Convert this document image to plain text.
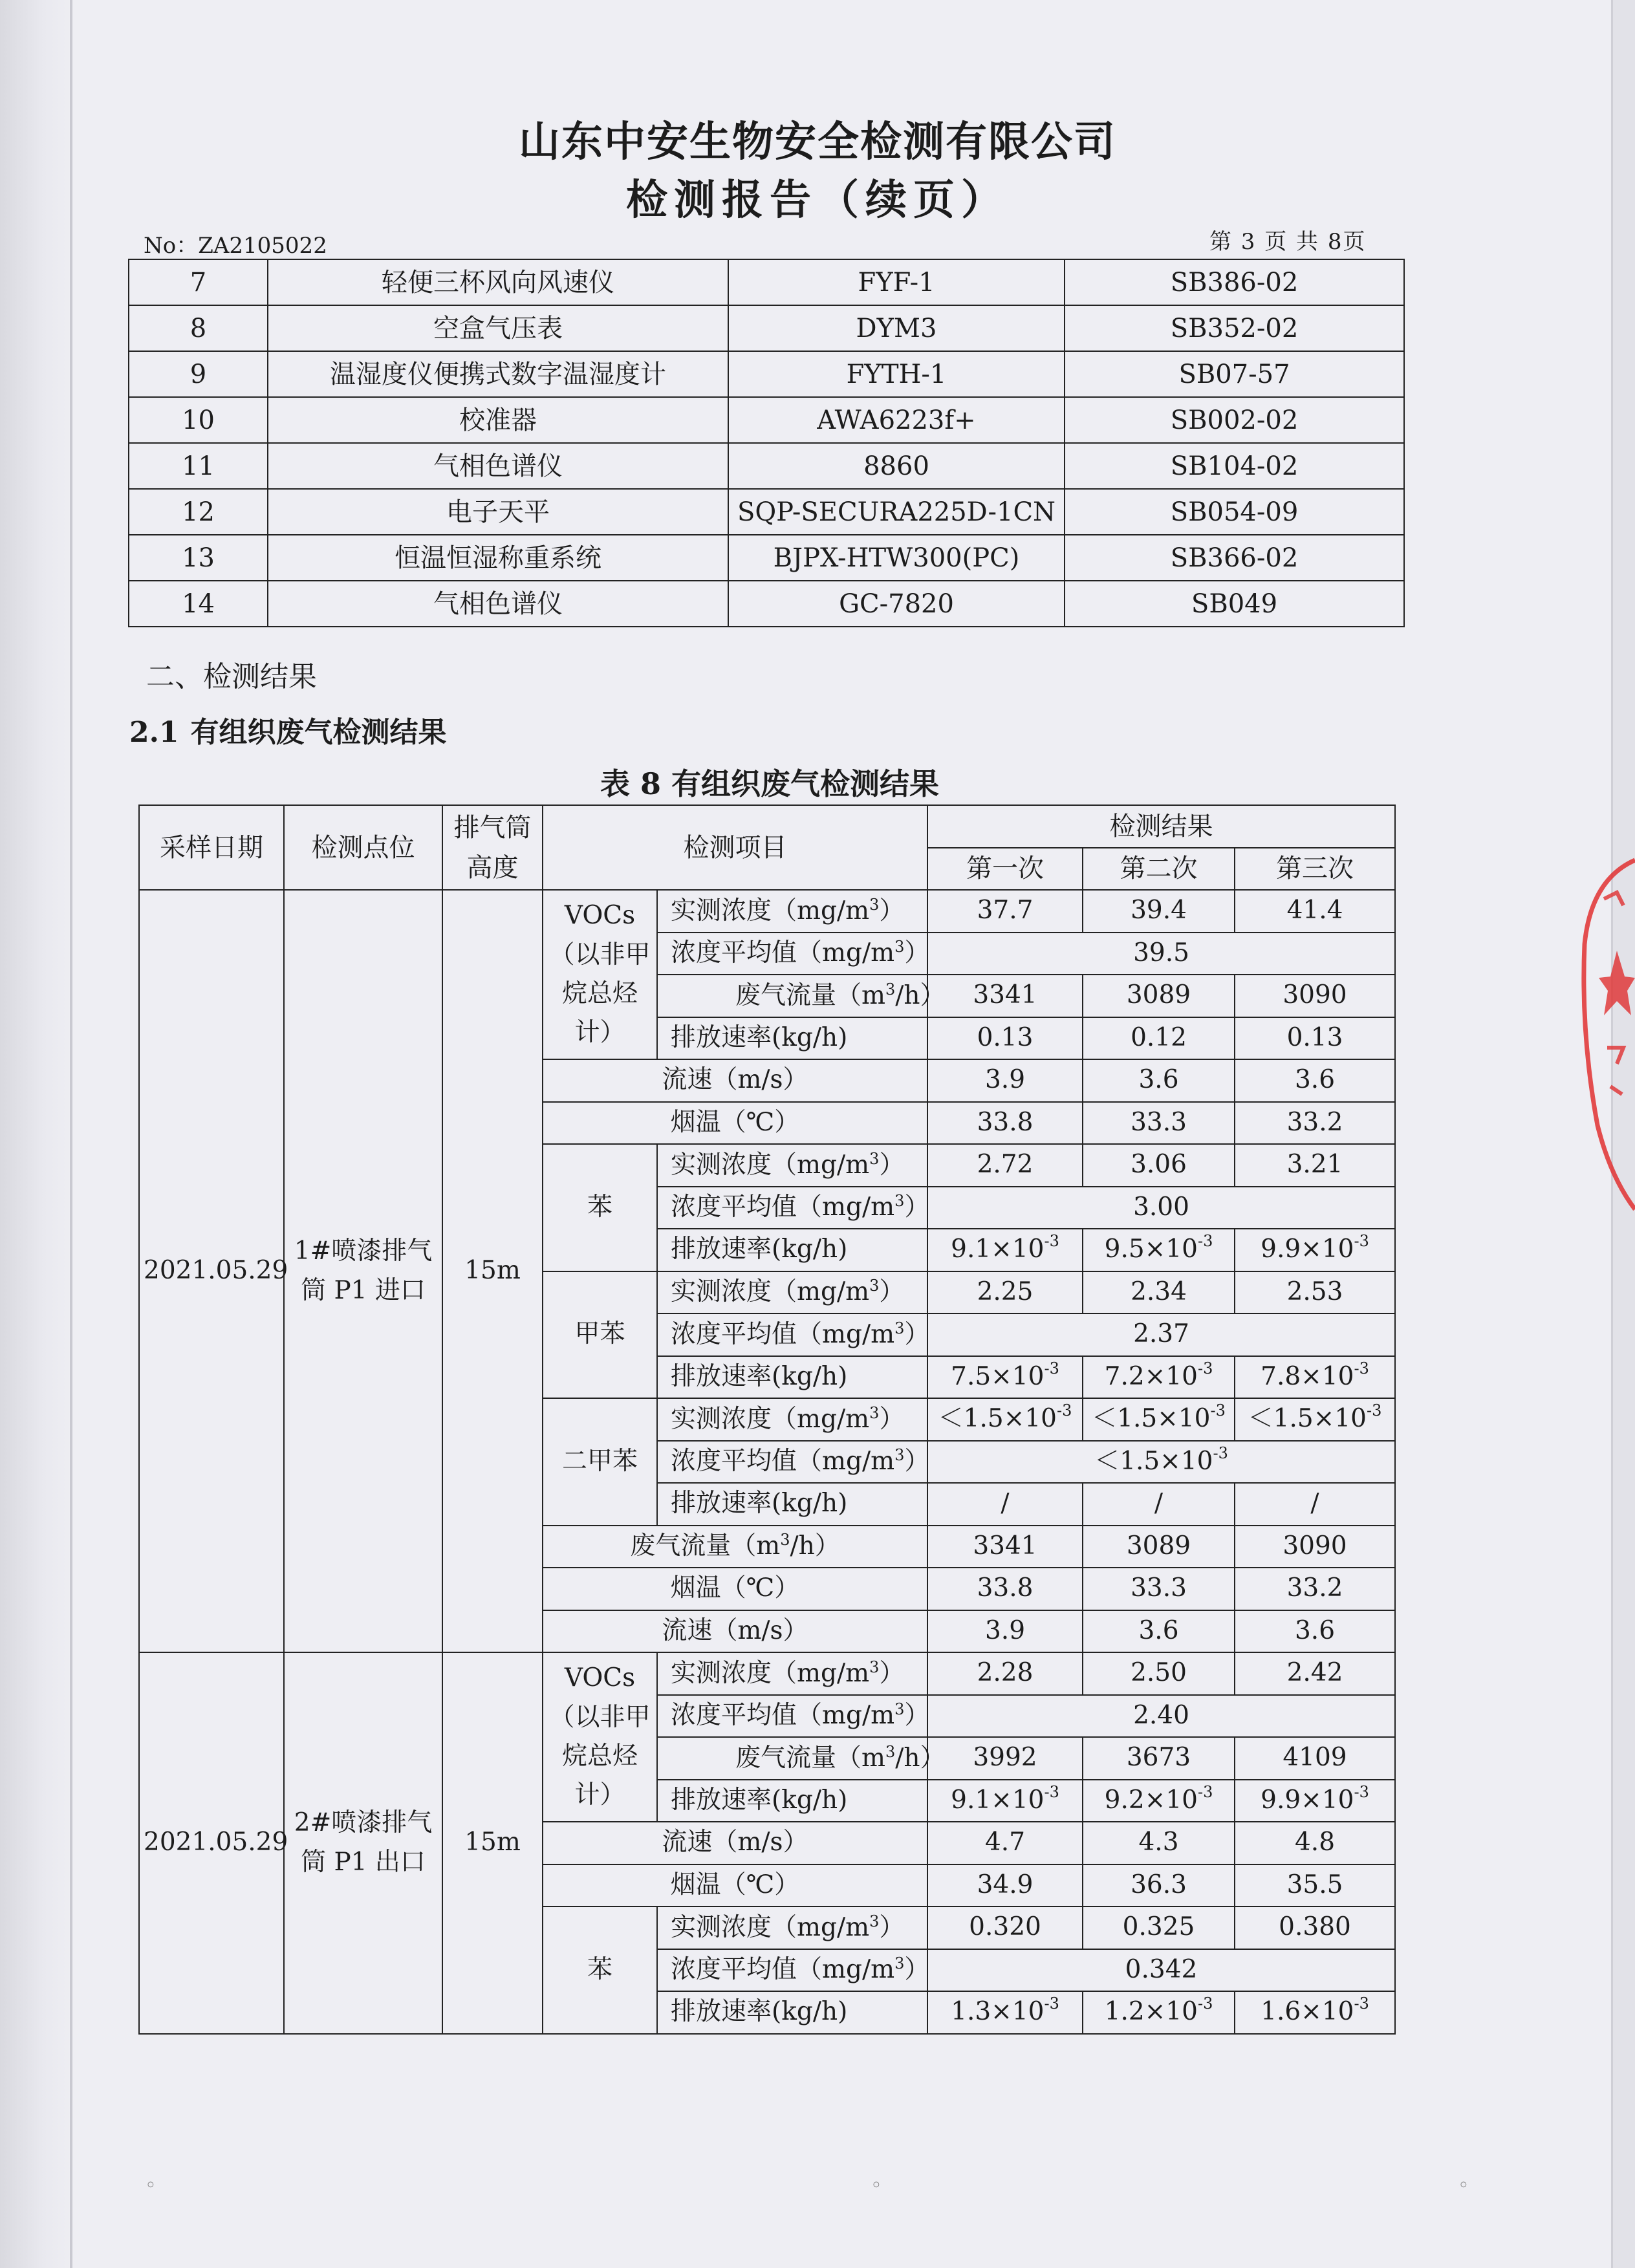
山东中安生物安全检测有限公司
检测报告（续页）
No：ZA2105022	第 3 页 共 8页
7	轻便三杯风向风速仪	FYF-1	SB386-02
8	空盒气压表	DYM3	SB352-02
9	温湿度仪便携式数字温湿度计	FYTH-1	SB07-57
10	校准器	AWA6223f+	SB002-02
11	气相色谱仪	8860	SB104-02
12	电子天平	SQP-SECURA225D-1CN	SB054-09
13	恒温恒湿称重系统	BJPX-HTW300(PC)	SB366-02
14	气相色谱仪	GC-7820	SB049
二、检测结果
2.1 有组织废气检测结果
表 8 有组织废气检测结果
采样日期	检测点位	排气筒高度	检测项目		检测结果		
					第一次	第二次	第三次
2021.05.29	1#喷漆排气筒 P1 进口	15m	VOCs（以非甲烷总烃计）	实测浓度$(mg/m^3)$	37.7	39.4	41.4
				浓度平均值$(mg/m^3)$	39.5		
				废气流量$(m^3/h)$	3341	3089	3090
				排放速率(kg/h)	0.13	0.12	0.13
			流速（m/s）		3.9	3.6	3.6
			烟温（℃）		33.8	33.3	33.2
			苯	实测浓度$(mg/m^3)$	2.72	3.06	3.21
				浓度平均值$(mg/m^3)$	3.00		
				排放速率(kg/h)	$9.1\times 10^{-3}$	$9.5\times 10^{-3}$	$9.9\times 10^{-3}$
			甲苯	实测浓度$(mg/m^3)$	2.25	2.34	2.53
				浓度平均值$(mg/m^3)$	2.37		
				排放速率(kg/h)	$7.5\times 10^{-3}$	$7.2\times 10^{-3}$	$7.8\times 10^{-3}$
			二甲苯	实测浓度$(mg/m^3)$	$<1.5\times 10^{-3}$	$<1.5\times 10^{-3}$	$<1.5\times 10^{-3}$
				浓度平均值$(mg/m^3)$	$<1.5\times 10^{-3}$
				排放速率(kg/h)	/	/	/
			废气流量$(m^3/h)$		3341	3089	3090
			烟温（℃）		33.8	33.3	33.2
			流速（m/s）		3.9	3.6	3.6
2021.05.29	2#喷漆排气筒 P1 出口	15m	VOCs（以非甲烷总烃计）	实测浓度$(mg/m^3)$	2.28	2.50	2.42
				浓度平均值$(mg/m^3)$	2.40		
				废气流量$(m^3/h)$	3992	3673	4109
				排放速率(kg/h)	$9.1\times 10^{-3}$	$9.2\times 10^{-3}$	$9.9\times 10^{-3}$
			流速（m/s）		4.7	4.3	4.8
			烟温（℃）		34.9	36.3	35.5
			苯	实测浓度$(mg/m^3)$	0.320	0.325	0.380
				浓度平均值$(mg/m^3)$	0.342		
				排放速率(kg/h)	$1.3\times 10^{-3}$	$1.2\times 10^{-3}$	$1.6\times 10^{-3}$
◦	◦	◦
